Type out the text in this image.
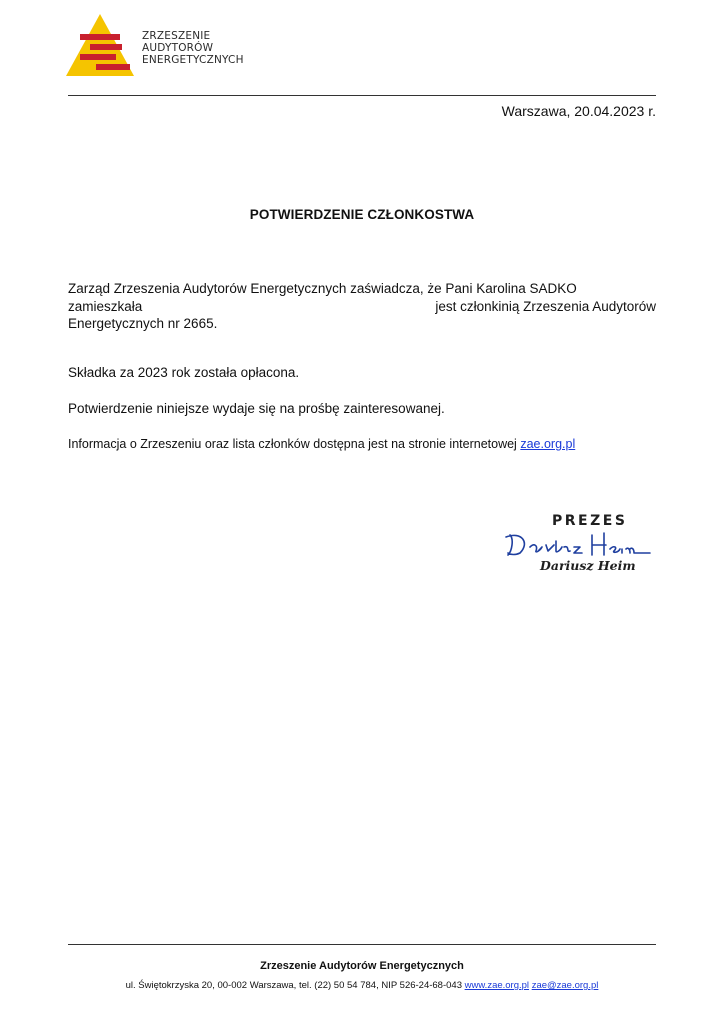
ZRZESZENIE
AUDYTORÓW
ENERGETYCZNYCH
Warszawa, 20.04.2023 r.
POTWIERDZENIE CZŁONKOSTWA
Zarząd Zrzeszenia Audytorów Energetycznych zaświadcza, że Pani Karolina SADKO
zamieszkała	jest członkinią Zrzeszenia Audytorów
Energetycznych nr 2665.
Składka za 2023 rok została opłacona.
Potwierdzenie niniejsze wydaje się na prośbę zainteresowanej.
Informacja o Zrzeszeniu oraz lista członków dostępna jest na stronie internetowej zae.org.pl
PREZES
Dariusz Heim
Zrzeszenie Audytorów Energetycznych
ul. Świętokrzyska 20, 00-002 Warszawa, tel. (22) 50 54 784, NIP 526-24-68-043 www.zae.org.pl zae@zae.org.pl
